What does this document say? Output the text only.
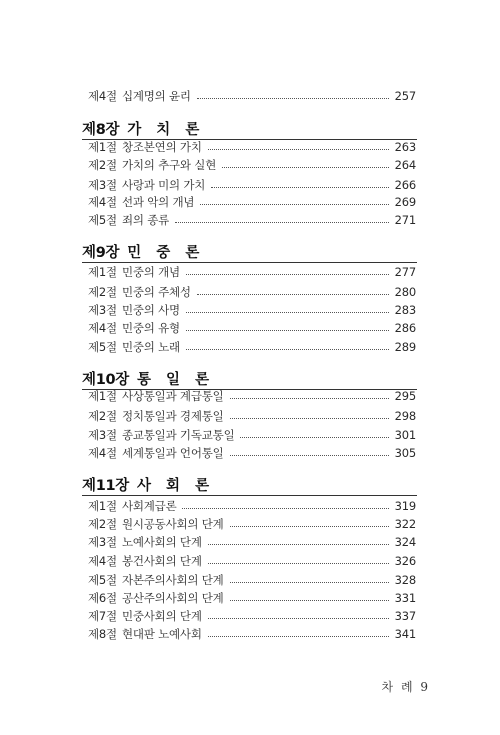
제4절 십계명의 윤리	257
제8장 가 치 론
제1절 창조본연의 가치	263
제2절 가치의 추구와 실현	264
제3절 사랑과 미의 가치	266
제4절 선과 악의 개념	269
제5절 죄의 종류	271
제9장 민 중 론
제1절 민중의 개념	277
제2절 민중의 주체성	280
제3절 민중의 사명	283
제4절 민중의 유형	286
제5절 민중의 노래	289
제10장 통 일 론
제1절 사상통일과 계급통일	295
제2절 정치통일과 경제통일	298
제3절 종교통일과 기독교통일	301
제4절 세계통일과 언어통일	305
제11장 사 회 론
제1절 사회계급론	319
제2절 원시공동사회의 단계	322
제3절 노예사회의 단계	324
제4절 봉건사회의 단계	326
제5절 자본주의사회의 단계	328
제6절 공산주의사회의 단계	331
제7절 민중사회의 단계	337
제8절 현대판 노예사회	341
차 례 9
